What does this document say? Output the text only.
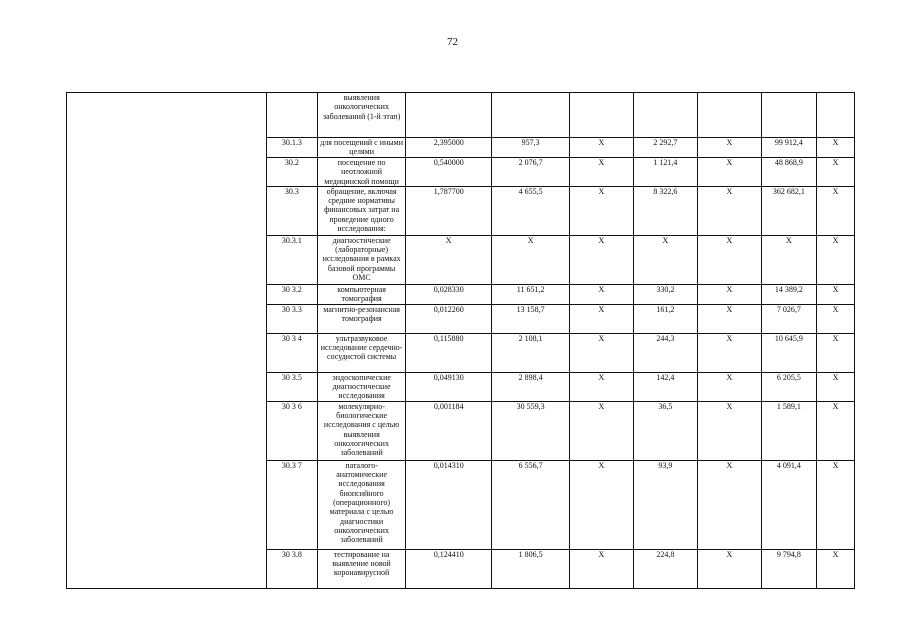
72
		выявления онкологических заболеваний (1-й этап)							
	30.1.3	для посещений с иными целями	2,395000	957,3	X	2 292,7	X	99 912,4	X
	30.2	посещение по неотложной медицинской помощи	0,540000	2 076,7	X	1 121,4	X	48 868,9	X
	30.3	обращение, включая средние нормативы финансовых затрат на проведение одного исследования:	1,787700	4 655,5	X	8 322,6	X	362 682,1	X
	30.3.1	диагностические (лабораторные) исследования в рамках базовой программы ОМС	X	X	X	X	X	X	X
	30 3.2	компьютерная томография	0,028330	11 651,2	X	330,2	X	14 389,2	X
	30 3.3	магнитно-резонансная томография	0,012260	13 158,7	X	161,2	X	7 026,7	X
	30 3 4	ультразвуковое исследование сердечно-сосудистой системы	0,115880	2 108,1	X	244,3	X	10 645,9	X
	30 3.5	эндоскопические диагностические исследования	0,049130	2 898,4	X	142,4	X	6 205,5	X
	30 3 6	молекулярно-биологические исследования с целью выявления онкологических заболеваний	0,001184	30 559,3	X	36,5	X	1 589,1	X
	30.3 7	паталого-анатомические исследования биопсийного (операционного) материала с целью диагностики онкологических заболеваний	0,014310	6 556,7	X	93,9	X	4 091,4	X
	30 3.8	тестирование на выявление новой коронавирусной	0,124410	1 806,5	X	224,8	X	9 794,8	X
